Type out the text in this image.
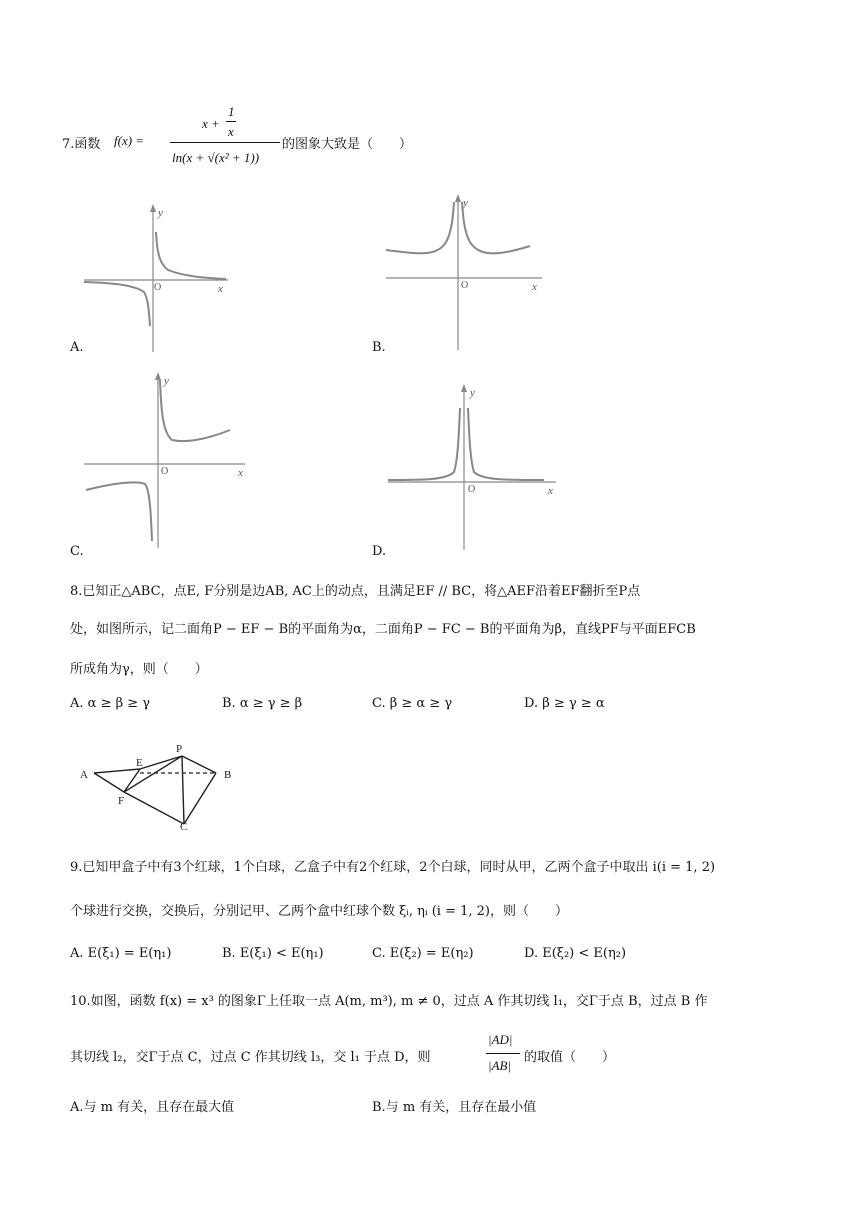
7.函数 f(x) =
x +
1
x
ln(x + √(x² + 1))
的图象大致是（　　）
y
x
O
A.
y
x
O
B.
y
x
O
C.
y
x
O
D.
8.已知正△ABC，点E, F分别是边AB, AC上的动点，且满足EF // BC，将△AEF沿着EF翻折至P点
处，如图所示，记二面角P − EF − B的平面角为α，二面角P − FC − B的平面角为β，直线PF与平面EFCB
所成角为γ，则（　　）
A. α ≥ β ≥ γ	B. α ≥ γ ≥ β	C. β ≥ α ≥ γ	D. β ≥ γ ≥ α
A
E
P
B
F
C
9.已知甲盒子中有3个红球，1个白球，乙盒子中有2个红球，2个白球，同时从甲，乙两个盒子中取出 i(i = 1, 2)
个球进行交换，交换后，分别记甲、乙两个盒中红球个数 ξᵢ, ηᵢ (i = 1, 2)，则（　　）
A. E(ξ₁) = E(η₁)	B. E(ξ₁) < E(η₁)	C. E(ξ₂) = E(η₂)	D. E(ξ₂) < E(η₂)
10.如图，函数 f(x) = x³ 的图象Γ上任取一点 A(m, m³), m ≠ 0，过点 A 作其切线 l₁，交Γ于点 B，过点 B 作
其切线 l₂，交Γ于点 C，过点 C 作其切线 l₃，交 l₁ 于点 D，则
|AD|
|AB|
的取值（　　）
A.与 m 有关，且存在最大值	B.与 m 有关，且存在最小值
